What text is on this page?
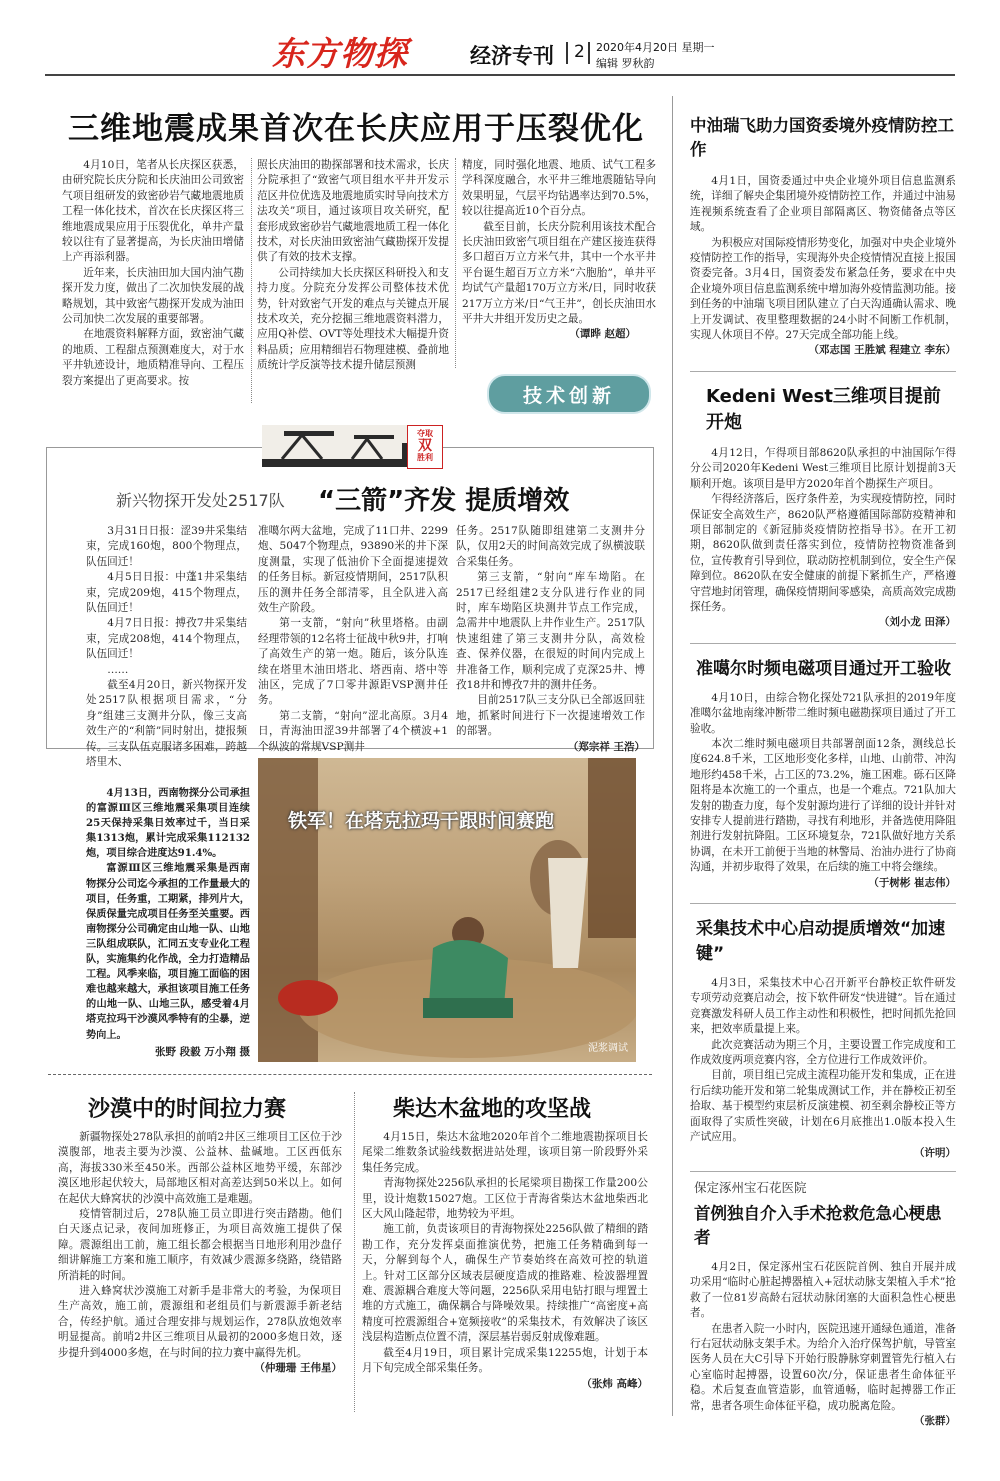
东方物探	经济专刊 2 2020年4月20日 星期一
编辑 罗秋韵
三维地震成果首次在长庆应用于压裂优化

4月10日，笔者从长庆探区获悉，由研究院长庆分院和长庆油田公司致密气项目组研发的致密砂岩气藏地震地质工程一体化技术，首次在长庆探区将三维地震成果应用于压裂优化，单井产量较以往有了显著提高，为长庆油田增储上产再添利器。

近年来，长庆油田加大国内油气勘探开发力度，做出了二次加快发展的战略规划，其中致密气勘探开发成为油田公司加快二次发展的重要部署。

在地震资料解释方面，致密油气藏的地质、工程甜点预测难度大，对于水平井轨迹设计，地质精准导向、工程压裂方案提出了更高要求。按

照长庆油田的勘探部署和技术需求，长庆分院承担了“致密气项目组水平井开发示范区井位优选及地震地质实时导向技术方法攻关”项目，通过该项目攻关研究，配套形成致密砂岩气藏地震地质工程一体化技术，对长庆油田致密油气藏勘探开发提供了有效的技术支撑。

公司持续加大长庆探区科研投入和支持力度。分院充分发挥公司整体技术优势，针对致密气开发的难点与关键点开展技术攻关，充分挖掘三维地震资料潜力，应用Q补偿、OVT等处理技术大幅提升资料品质；应用精细岩石物理建模、叠前地质统计学反演等技术提升储层预测

精度，同时强化地震、地质、试气工程多学科深度融合，水平井三维地震随钻导向效果明显，气层平均钻遇率达到70.5%，较以往提高近10个百分点。

截至目前，长庆分院利用该技术配合长庆油田致密气项目组在产建区接连获得多口超百万立方米气井，其中一个水平井平台诞生超百万立方米“六胞胎”，单井平均试气产量超170万立方米/日，同时收获217万立方米/日“气王井”，创长庆油田水平井大井组开发历史之最。

（谭晔 赵超）
技术创新
夺取
双
胜利
新兴物探开发处2517队 “三箭”齐发 提质增效

3月31日日报：涩39井采集结束，完成160炮，800个物理点，队伍回迁！

4月5日日报：中蓬1井采集结束，完成209炮，415个物理点，队伍回迁！

4月7日日报：搏孜7井采集结束，完成208炮，414个物理点，队伍回迁！

……

截至4月20日，新兴物探开发处2517队根据项目需求，“分身”组建三支测井分队，像三支高效生产的“利箭”同时射出，捷报频传。三支队伍克服诸多困难，跨越塔里木、

准噶尔两大盆地，完成了11口井、2299炮、5047个物理点，93890米的井下深度测量，实现了低油价下全面提速提效的任务目标。新冠疫情期间，2517队积压的测井任务全部清零，且全队进入高效生产阶段。

第一支箭，“射向”秋里塔格。由副经理带领的12名将士征战中秋9井，打响了高效生产的第一炮。随后，该分队连续在塔里木油田塔北、塔西南、塔中等油区，完成了7口零井源距VSP测井任务。

第二支箭，“射向”涩北高原。3月4日，青海油田涩39井部署了4个横波+1个纵波的常规VSP测井

任务。2517队随即组建第二支测井分队，仅用2天的时间高效完成了纵横波联合采集任务。

第三支箭，“射向”库车坳陷。在2517已经组建2支分队进行作业的同时，库车坳陷区块测井节点工作完成，急需井中地震队上井作业生产。2517队快速组建了第三支测井分队，高效检查、保养仪器，在很短的时间内完成上井准备工作，顺利完成了克深25井、博孜18井和博孜7井的测井任务。

目前2517队三支分队已全部返回驻地，抓紧时间进行下一次提速增效工作的部署。

（郑宗祥 王浩）

4月13日，西南物探分公司承担的富源Ⅲ区三维地震采集项目连续25天保持采集日效率过千，当日采集1313炮，累计完成采集112132炮，项目综合进度达91.4%。

富源Ⅲ区三维地震采集是西南物探分公司迄今承担的工作量最大的项目，任务重，工期紧，排列片大，保质保量完成项目任务至关重要。西南物探分公司确定由山地一队、山地三队组成联队，汇同五支专业化工程队，实施集约化作战，全力打造精品工程。风季来临，项目施工面临的困难也越来越大，承担该项目施工任务的山地一队、山地三队，感受着4月塔克拉玛干沙漠风季特有的尘暴，逆势向上。

张野 段毅 万小翔 摄
铁军！在塔克拉玛干跟时间赛跑
泥浆调试
沙漠中的时间拉力赛

新疆物探处278队承担的前哨2井区三维项目工区位于沙漠腹部，地表主要为沙漠、公益林、盐碱地。工区西低东高，海拔330米至450米。西部公益林区地势平缓，东部沙漠区地形起伏较大，局部地区相对高差达到50米以上。如何在起伏大蜂窝状的沙漠中高效施工是难题。

疫情管制过后，278队施工员立即进行突击踏勘。他们白天逐点记录，夜间加班修正，为项目高效施工提供了保障。震源组出工前，施工组长都会根据当日地形利用沙盘仔细讲解施工方案和施工顺序，有效减少震源多绕路，绕错路所消耗的时间。

进入蜂窝状沙漠施工对新手是非常大的考验，为保项目生产高效，施工前，震源组和老组员们与新震源手新老结合，传经护航。通过合理安排与规划运作，278队放炮效率明显提高。前哨2井区三维项目从最初的2000多炮日效，逐步提升到4000多炮，在与时间的拉力赛中赢得先机。

（仲珊珊 王伟星）
柴达木盆地的攻坚战

4月15日，柴达木盆地2020年首个二维地震勘探项目长尾梁二维数条试验线数据进站处理，该项目第一阶段野外采集任务完成。

青海物探处2256队承担的长尾梁项目勘探工作量200公里，设计炮数15027炮。工区位于青海省柴达木盆地柴西北区大风山隆起带，地势较为平坦。

施工前，负责该项目的青海物探处2256队做了精细的踏勘工作，充分发挥桌面推演优势，把施工任务精确到每一天，分解到每个人，确保生产节奏始终在高效可控的轨道上。针对工区部分区域表层硬度造成的推路难、检波器埋置难、震源耦合难度大等问题，2256队采用电钻打眼与埋置土堆的方式施工，确保耦合与降噪效果。持续推广“高密度+高精度可控震源组合+宽频接收”的采集技术，有效解决了该区浅层构造断点位置不清，深层基岩弱反射成像难题。

截至4月19日，项目累计完成采集12255炮，计划于本月下旬完成全部采集任务。

（张炜 高峰）
中油瑞飞助力国资委境外疫情防控工作

4月1日，国资委通过中央企业境外项目信息监测系统，详细了解央企集团境外疫情防控工作，并通过中油易连视频系统查看了企业项目部隔离区、物资储备点等区域。

为积极应对国际疫情形势变化，加强对中央企业境外疫情防控工作的指导，实现海外央企疫情情况直接上报国资委完备。3月4日，国资委发布紧急任务，要求在中央企业境外项目信息监测系统中增加海外疫情监测功能。接到任务的中油瑞飞项目团队建立了白天沟通确认需求、晚上开发调试、夜里整理数据的24小时不间断工作机制，实现人休项目不停。27天完成全部功能上线。

（邓志国 王胜斌 程建立 李东）
Kedeni West三维项目提前开炮

4月12日，乍得项目部8620队承担的中油国际乍得分公司2020年Kedeni West三维项目比原计划提前3天顺利开炮。该项目是甲方2020年首个勘探生产项目。

乍得经济落后，医疗条件差，为实现疫情防控，同时保证安全高效生产，8620队严格遵循国际部防疫精神和项目部制定的《新冠肺炎疫情防控指导书》。在开工初期，8620队做到责任落实到位，疫情防控物资准备到位，宣传教育引导到位，联动防控机制到位，安全生产保障到位。8620队在安全健康的前提下紧抓生产，严格遵守营地封闭管理，确保疫情期间零感染，高质高效完成勘探任务。

（刘小龙 田泽）
准噶尔时频电磁项目通过开工验收

4月10日，由综合物化探处721队承担的2019年度准噶尔盆地南缘冲断带二维时频电磁勘探项目通过了开工验收。

本次二维时频电磁项目共部署剖面12条，测线总长度624.8千米，工区地形变化多样，山地、山前带、冲沟地形约458千米，占工区的73.2%，施工困难。砾石区降阻将是本次施工的一个重点，也是一个难点。721队加大发射的勘查力度，每个发射源均进行了详细的设计并针对安排专人提前进行踏勘，寻找有利地形，并备选使用降阻剂进行发射抗降阻。工区环境复杂，721队做好地方关系协调，在未开工前便于当地的林警局、治油办进行了协商沟通，并初步取得了效果，在后续的施工中将会继续。

（于树彬 崔志伟）
采集技术中心启动提质增效“加速键”

4月3日，采集技术中心召开新平台静校正软件研发专项劳动竞赛启动会，按下软件研发“快进键”。旨在通过竞赛激发科研人员工作主动性和积极性，把时间抓先抢回来，把效率质量提上来。

此次竞赛活动为期三个月，主要设置工作完成度和工作成效度两项竞赛内容，全方位进行工作成效评价。

目前，项目组已完成主流程功能开发和集成，正在进行后续功能开发和第二轮集成测试工作，并在静校正初至拾取、基于模型约束层析反演建模、初至剩余静校正等方面取得了实质性突破，计划在6月底推出1.0版本投入生产试应用。

（许明）
保定涿州宝石花医院
首例独自介入手术抢救危急心梗患者

4月2日，保定涿州宝石花医院首例、独自开展并成功采用“临时心脏起搏器植入+冠状动脉支架植入手术”抢救了一位81岁高龄右冠状动脉闭塞的大面积急性心梗患者。

在患者入院一小时内，医院迅速开通绿色通道，准备行右冠状动脉支架手术。为给介入治疗保驾护航，导管室医务人员在大C引导下开始行股静脉穿刺置管先行植入右心室临时起搏器，设置60次/分，保证患者生命体征平稳。术后复查血管造影，血管通畅，临时起搏器工作正常，患者各项生命体征平稳，成功脱离危险。

（张群）
